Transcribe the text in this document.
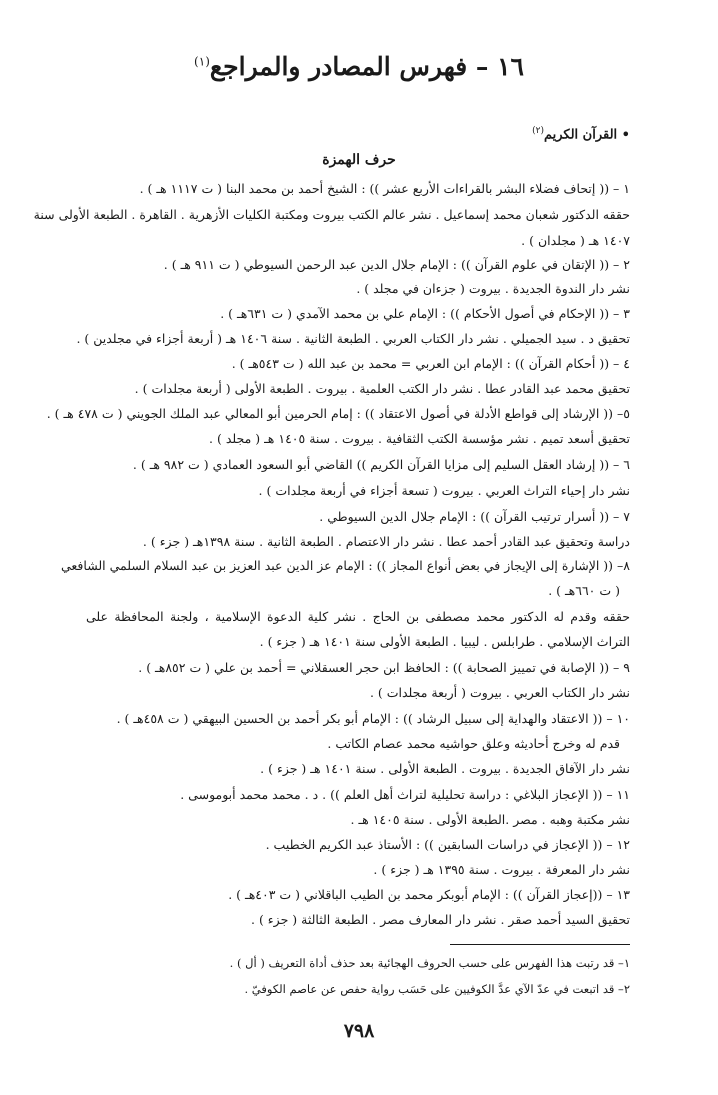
١٦ – فهرس المصادر والمراجع$^{(١)}$
• القرآن الكريم$^{(٢)}$
حرف الهمزة
١ – (( إتحاف فضلاء البشر بالقراءات الأربع عشر )) : الشيخ أحمد بن محمد البنا ( ت ١١١٧ هـ ) .
حققه الدكتور شعبان محمد إسماعيل . نشر عالم الكتب بيروت ومكتبة الكليات الأزهرية . القاهرة . الطبعة الأولى سنة
١٤٠٧ هـ ( مجلدان ) .
٢ – (( الإتقان في علوم القرآن )) : الإمام جلال الدين عبد الرحمن السيوطي ( ت ٩١١ هـ ) .
نشر دار الندوة الجديدة . بيروت ( جزءان في مجلد ) .
٣ – (( الإحكام في أصول الأحكام )) : الإمام علي بن محمد الآمدي ( ت ٦٣١هـ ) .
تحقيق د . سيد الجميلي . نشر دار الكتاب العربي . الطبعة الثانية . سنة ١٤٠٦ هـ ( أربعة أجزاء في مجلدين ) .
٤ – (( أحكام القرآن )) : الإمام ابن العربي = محمد بن عبد الله ( ت ٥٤٣هـ ) .
تحقيق محمد عبد القادر عطا . نشر دار الكتب العلمية . بيروت . الطبعة الأولى ( أربعة مجلدات ) .
٥– (( الإرشاد إلى قواطع الأدلة في أصول الاعتقاد )) : إمام الحرمين أبو المعالي عبد الملك الجويني ( ت ٤٧٨ هـ ) .
تحقيق أسعد تميم . نشر مؤسسة الكتب الثقافية . بيروت . سنة ١٤٠٥ هـ ( مجلد ) .
٦ – (( إرشاد العقل السليم إلى مزايا القرآن الكريم )) القاضي أبو السعود العمادي ( ت ٩٨٢ هـ ) .
نشر دار إحياء التراث العربي . بيروت ( تسعة أجزاء في أربعة مجلدات ) .
٧ – (( أسرار ترتيب القرآن )) : الإمام جلال الدين السيوطي .
دراسة وتحقيق عبد القادر أحمد عطا . نشر دار الاعتصام . الطبعة الثانية . سنة ١٣٩٨هـ ( جزء ) .
٨– (( الإشارة إلى الإيجاز في بعض أنواع المجاز )) : الإمام عز الدين عبد العزيز بن عبد السلام السلمي الشافعي
( ت ٦٦٠هـ ) .
حققه وقدم له الدكتور محمد مصطفى بن الحاج . نشر كلية الدعوة الإسلامية ، ولجنة المحافظة على
التراث الإسلامي . طرابلس . ليبيا . الطبعة الأولى سنة ١٤٠١ هـ ( جزء ) .
٩ – (( الإصابة في تمييز الصحابة )) : الحافظ ابن حجر العسقلاني = أحمد بن علي ( ت ٨٥٢هـ ) .
نشر دار الكتاب العربي . بيروت ( أربعة مجلدات ) .
١٠ – (( الاعتقاد والهداية إلى سبيل الرشاد )) : الإمام أبو بكر أحمد بن الحسين البيهقي ( ت ٤٥٨هـ ) .
قدم له وخرج أحاديثه وعلق حواشيه محمد عصام الكاتب .
نشر دار الآفاق الجديدة . بيروت . الطبعة الأولى . سنة ١٤٠١ هـ ( جزء ) .
١١ – (( الإعجاز البلاغي : دراسة تحليلية لتراث أهل العلم )) . د . محمد محمد أبوموسى .
نشر مكتبة وهبه . مصر .الطبعة الأولى . سنة ١٤٠٥ هـ .
١٢ – (( الإعجاز في دراسات السابقين )) : الأستاذ عبد الكريم الخطيب .
نشر دار المعرفة . بيروت . سنة ١٣٩٥ هـ ( جزء ) .
١٣ – ((إعجاز القرآن )) : الإمام أبوبكر محمد بن الطيب الباقلاني ( ت ٤٠٣هـ ) .
تحقيق السيد أحمد صقر . نشر دار المعارف مصر . الطبعة الثالثة ( جزء ) .
١– قد رتبت هذا الفهرس على حسب الحروف الهجائية بعد حذف أداة التعريف ( أل ) .
٢– قد اتبعت في عدّ الآي عدَّ الكوفيين على حَسَب رواية حفص عن عاصم الكوفيّ .
٧٩٨
